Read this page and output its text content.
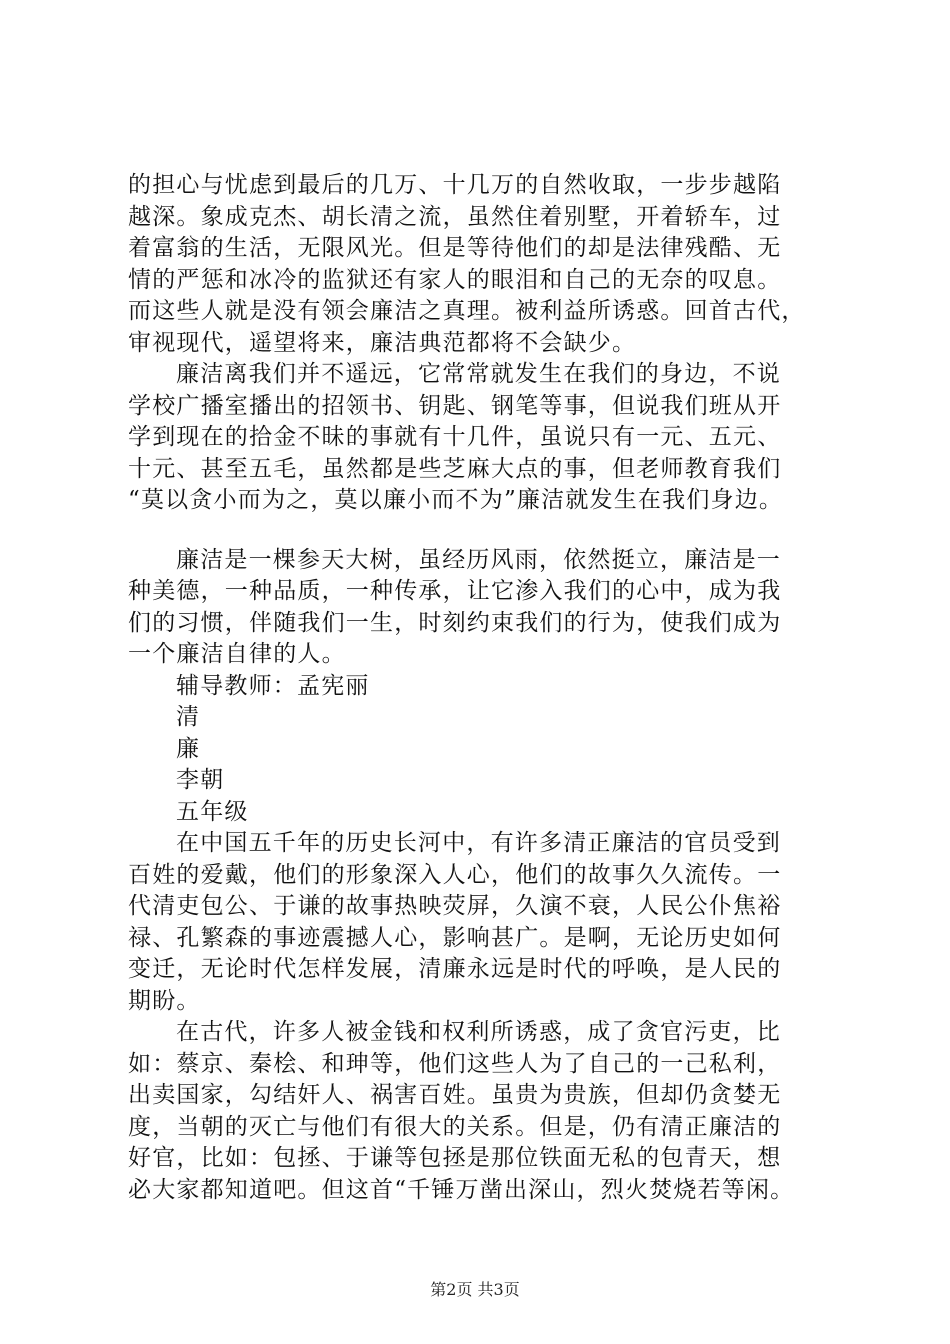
的担心与忧虑到最后的几万、十几万的自然收取，一步步越陷
越深。象成克杰、胡长清之流，虽然住着别墅，开着轿车，过
着富翁的生活，无限风光。但是等待他们的却是法律残酷、无
情的严惩和冰冷的监狱还有家人的眼泪和自己的无奈的叹息。
而这些人就是没有领会廉洁之真理。被利益所诱惑。回首古代，
审视现代，遥望将来，廉洁典范都将不会缺少。
廉洁离我们并不遥远，它常常就发生在我们的身边，不说
学校广播室播出的招领书、钥匙、钢笔等事，但说我们班从开
学到现在的拾金不昧的事就有十几件，虽说只有一元、五元、
十元、甚至五毛，虽然都是些芝麻大点的事，但老师教育我们
“莫以贪小而为之，莫以廉小而不为”廉洁就发生在我们身边。
廉洁是一棵参天大树，虽经历风雨，依然挺立，廉洁是一
种美德，一种品质，一种传承，让它渗入我们的心中，成为我
们的习惯，伴随我们一生，时刻约束我们的行为，使我们成为
一个廉洁自律的人。
辅导教师：孟宪丽
清
廉
李朝
五年级
在中国五千年的历史长河中，有许多清正廉洁的官员受到
百姓的爱戴，他们的形象深入人心，他们的故事久久流传。一
代清吏包公、于谦的故事热映荧屏，久演不衰，人民公仆焦裕
禄、孔繁森的事迹震撼人心，影响甚广。是啊，无论历史如何
变迁，无论时代怎样发展，清廉永远是时代的呼唤，是人民的
期盼。
在古代，许多人被金钱和权利所诱惑，成了贪官污吏，比
如：蔡京、秦桧、和珅等，他们这些人为了自己的一己私利，
出卖国家，勾结奸人、祸害百姓。虽贵为贵族，但却仍贪婪无
度，当朝的灭亡与他们有很大的关系。但是，仍有清正廉洁的
好官，比如：包拯、于谦等包拯是那位铁面无私的包青天，想
必大家都知道吧。但这首“千锤万凿出深山，烈火焚烧若等闲。
第2页 共3页
